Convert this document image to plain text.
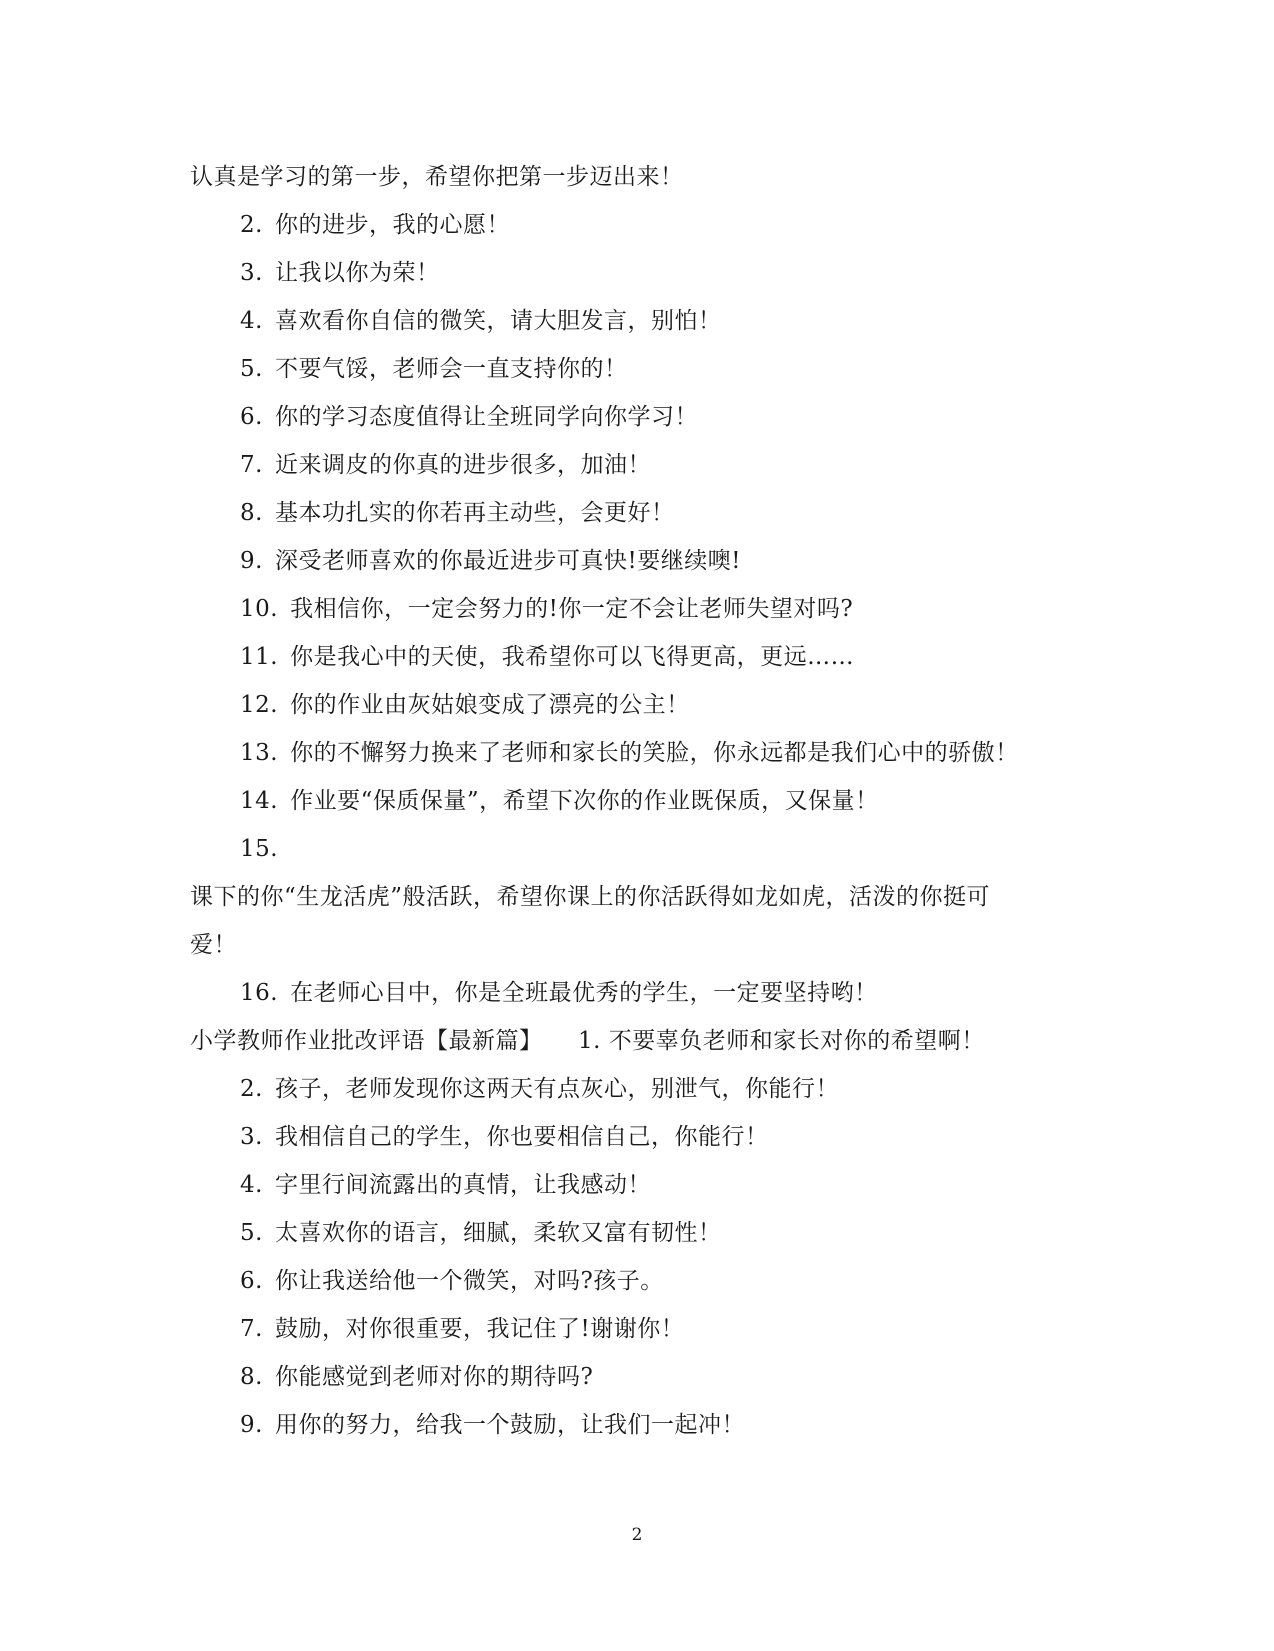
认真是学习的第一步，希望你把第一步迈出来！
2. 你的进步，我的心愿！
3. 让我以你为荣！
4. 喜欢看你自信的微笑，请大胆发言，别怕！
5. 不要气馁，老师会一直支持你的！
6. 你的学习态度值得让全班同学向你学习！
7. 近来调皮的你真的进步很多，加油！
8. 基本功扎实的你若再主动些，会更好！
9. 深受老师喜欢的你最近进步可真快!要继续噢!
10. 我相信你，一定会努力的!你一定不会让老师失望对吗?
11. 你是我心中的天使，我希望你可以飞得更高，更远……
12. 你的作业由灰姑娘变成了漂亮的公主！
13. 你的不懈努力换来了老师和家长的笑脸，你永远都是我们心中的骄傲！
14. 作业要“保质保量”，希望下次你的作业既保质，又保量！
15.
课下的你“生龙活虎”般活跃，希望你课上的你活跃得如龙如虎，活泼的你挺可
爱！
16. 在老师心目中，你是全班最优秀的学生，一定要坚持哟！
小学教师作业批改评语【最新篇】　　1. 不要辜负老师和家长对你的希望啊！
2. 孩子，老师发现你这两天有点灰心，别泄气，你能行！
3. 我相信自己的学生，你也要相信自己，你能行！
4. 字里行间流露出的真情，让我感动！
5. 太喜欢你的语言，细腻，柔软又富有韧性！
6. 你让我送给他一个微笑，对吗?孩子。
7. 鼓励，对你很重要，我记住了!谢谢你！
8. 你能感觉到老师对你的期待吗?
9. 用你的努力，给我一个鼓励，让我们一起冲！
2
